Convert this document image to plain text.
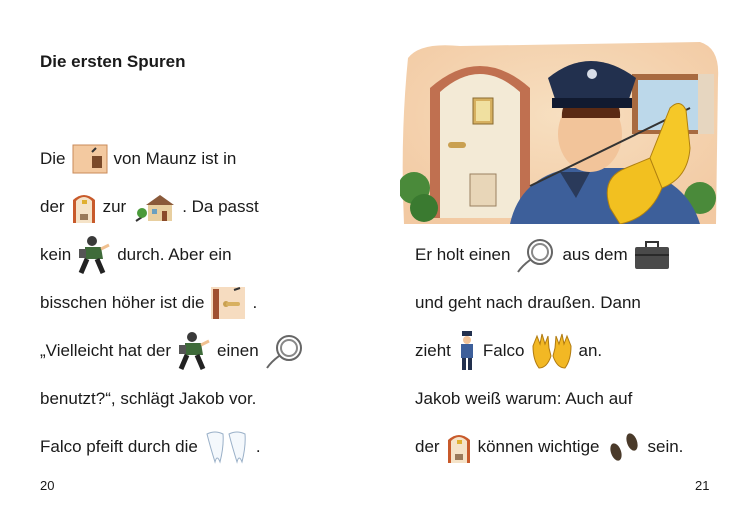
Die ersten Spuren
Die	von Maunz ist in
der zur	. Da passt
kein	durch. Aber ein
bisschen höher ist die	.
„Vielleicht hat der	einen
benutzt?“, schlägt Jakob vor.
Falco pfeift durch die	.
20
Er holt einen	aus dem
und geht nach draußen. Dann
zieht Falco	an.
Jakob weiß warum: Auch auf
der können wichtige	sein.
21
